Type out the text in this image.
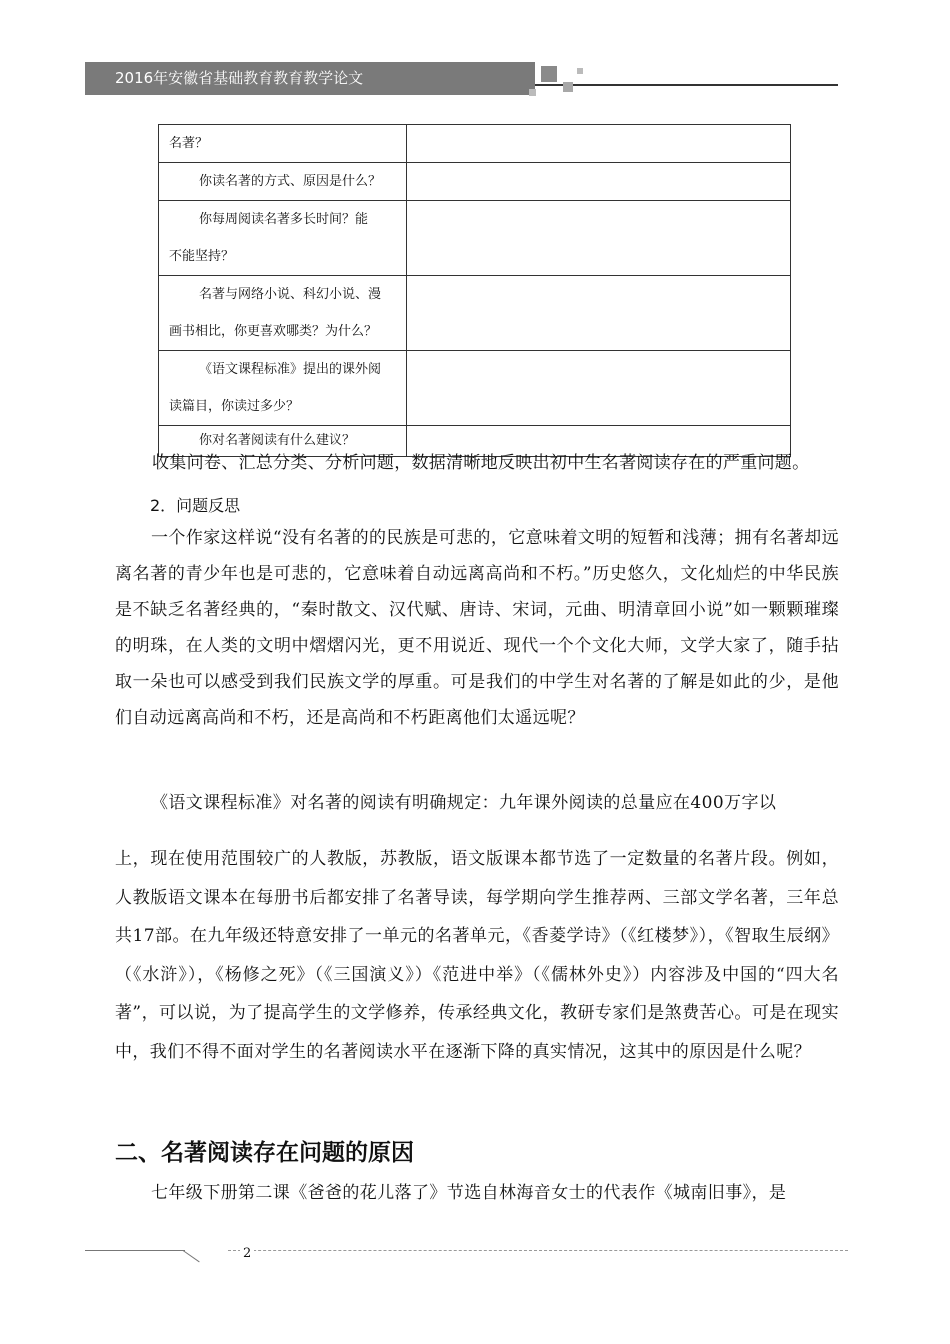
2016年安徽省基础教育教育教学论文
名著？	

你读名著的方式、原因是什么？	

你每周阅读名著多长时间？能
不能坚持？	

名著与网络小说、科幻小说、漫
画书相比，你更喜欢哪类？为什么？	

《语文课程标准》提出的课外阅
读篇目，你读过多少？	

你对名著阅读有什么建议？	

收集问卷、汇总分类、分析问题，数据清晰地反映出初中生名著阅读存在的严重问题。

2．问题反思

一个作家这样说“没有名著的的民族是可悲的，它意味着文明的短暂和浅薄；拥有名著却远离名著的青少年也是可悲的，它意味着自动远离高尚和不朽。”历史悠久，文化灿烂的中华民族是不缺乏名著经典的，“秦时散文、汉代赋、唐诗、宋词，元曲、明清章回小说”如一颗颗璀璨的明珠，在人类的文明中熠熠闪光，更不用说近、现代一个个文化大师，文学大家了，随手拈取一朵也可以感受到我们民族文学的厚重。可是我们的中学生对名著的了解是如此的少，是他们自动远离高尚和不朽，还是高尚和不朽距离他们太遥远呢？

《语文课程标准》对名著的阅读有明确规定：九年课外阅读的总量应在400万字以

上，现在使用范围较广的人教版，苏教版，语文版课本都节选了一定数量的名著片段。例如，人教版语文课本在每册书后都安排了名著导读，每学期向学生推荐两、三部文学名著，三年总共17部。在九年级还特意安排了一单元的名著单元，《香菱学诗》（《红楼梦》），《智取生辰纲》（《水浒》），《杨修之死》（《三国演义》）《范进中举》（《儒林外史》）内容涉及中国的“四大名著”，可以说，为了提高学生的文学修养，传承经典文化，教研专家们是煞费苦心。可是在现实中，我们不得不面对学生的名著阅读水平在逐渐下降的真实情况，这其中的原因是什么呢？

二、名著阅读存在问题的原因

七年级下册第二课《爸爸的花儿落了》节选自林海音女士的代表作《城南旧事》，是

2
